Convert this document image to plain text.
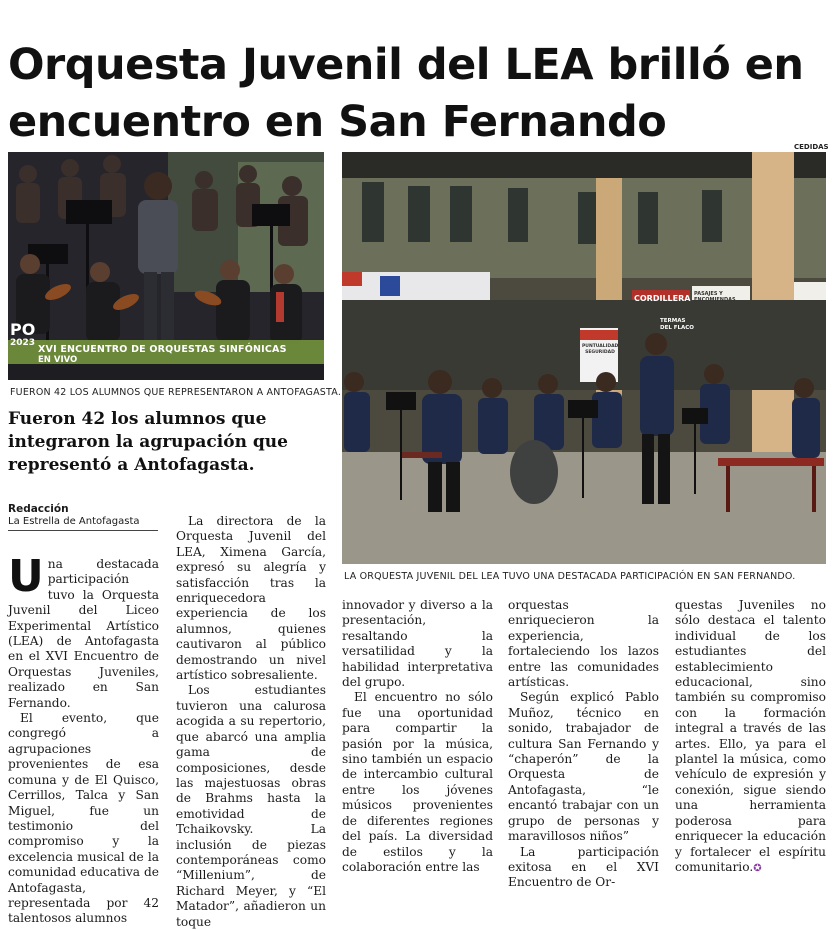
Orquesta Juvenil del LEA brilló en encuentro en San Fernando
PO
2023
XVI ENCUENTRO DE ORQUESTAS SINFÓNICAS
EN VIVO
FUERON 42 LOS ALUMNOS QUE REPRESENTARON A ANTOFAGASTA.
CEDIDAS
CORDILLERA PASAJES Y ENCOMIENDAS
TERMAS DEL FLACO
PUNTUALIDAD SEGURIDAD
LA ORQUESTA JUVENIL DEL LEA TUVO UNA DESTACADA PARTICIPACIÓN EN SAN FERNANDO.
Fueron 42 los alumnos que integraron la agrupación que representó a Antofagasta.
Redacción
La Estrella de Antofagasta
U na destacada participación tuvo la Orquesta Juvenil del Liceo Experimental Artístico (LEA) de Antofagasta en el XVI Encuentro de Orquestas Juveniles, realizado en San Fernando.

El evento, que congregó a agrupaciones provenientes de esa comuna y de El Quisco, Cerrillos, Talca y San Miguel, fue un testimonio del compromiso y la excelencia musical de la comunidad educativa de Antofagasta, representada por 42 talentosos alumnos

La directora de la Orquesta Juvenil del LEA, Ximena García, expresó su alegría y satisfacción tras la enriquecedora experiencia de los alumnos, quienes cautivaron al público demostrando un nivel artístico sobresaliente.

Los estudiantes tuvieron una calurosa acogida a su repertorio, que abarcó una amplia gama de composiciones, desde las majestuosas obras de Brahms hasta la emotividad de Tchaikovsky. La inclusión de piezas contemporáneas como “Millenium”, de Richard Meyer, y “El Matador”, añadieron un toque

innovador y diverso a la presentación, resaltando la versatilidad y la habilidad interpretativa del grupo.

El encuentro no sólo fue una oportunidad para compartir la pasión por la música, sino también un espacio de intercambio cultural entre los jóvenes músicos provenientes de diferentes regiones del país. La diversidad de estilos y la colaboración entre las

orquestas enriquecieron la experiencia, fortaleciendo los lazos entre las comunidades artísticas.

Según explicó Pablo Muñoz, técnico en sonido, trabajador de cultura San Fernando y “chaperón” de la Orquesta de Antofagasta, “le encantó trabajar con un grupo de personas y maravillosos niños”

La participación exitosa en el XVI Encuentro de Or-

questas Juveniles no sólo destaca el talento individual de los estudiantes del establecimiento educacional, sino también su compromiso con la formación integral a través de las artes. Ello, ya para el plantel la música, como vehículo de expresión y conexión, sigue siendo una herramienta poderosa para enriquecer la educación y fortalecer el espíritu comunitario.✪
